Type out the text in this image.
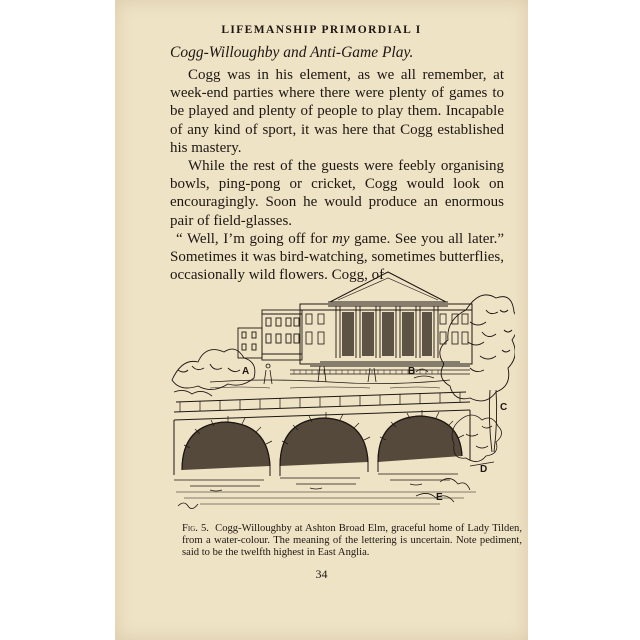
LIFEMANSHIP PRIMORDIAL I
Cogg-Willoughby and Anti-Game Play.

Cogg was in his element, as we all remember, at week-end parties where there were plenty of games to be played and plenty of people to play them. Incapable of any kind of sport, it was here that Cogg established his mastery.

While the rest of the guests were feebly organising bowls, ping-pong or cricket, Cogg would look on encouragingly. Soon he would produce an enormous pair of field-glasses.

“ Well, I’m going off for my game. See you all later.” Sometimes it was bird-watching, sometimes butterflies, occasionally wild flowers. Cogg, of

A	B
C
D
E

Fig. 5. Cogg-Willoughby at Ashton Broad Elm, graceful home of Lady Tilden, from a water-colour. The meaning of the lettering is uncertain. Note pediment, said to be the twelfth highest in East Anglia.

34
